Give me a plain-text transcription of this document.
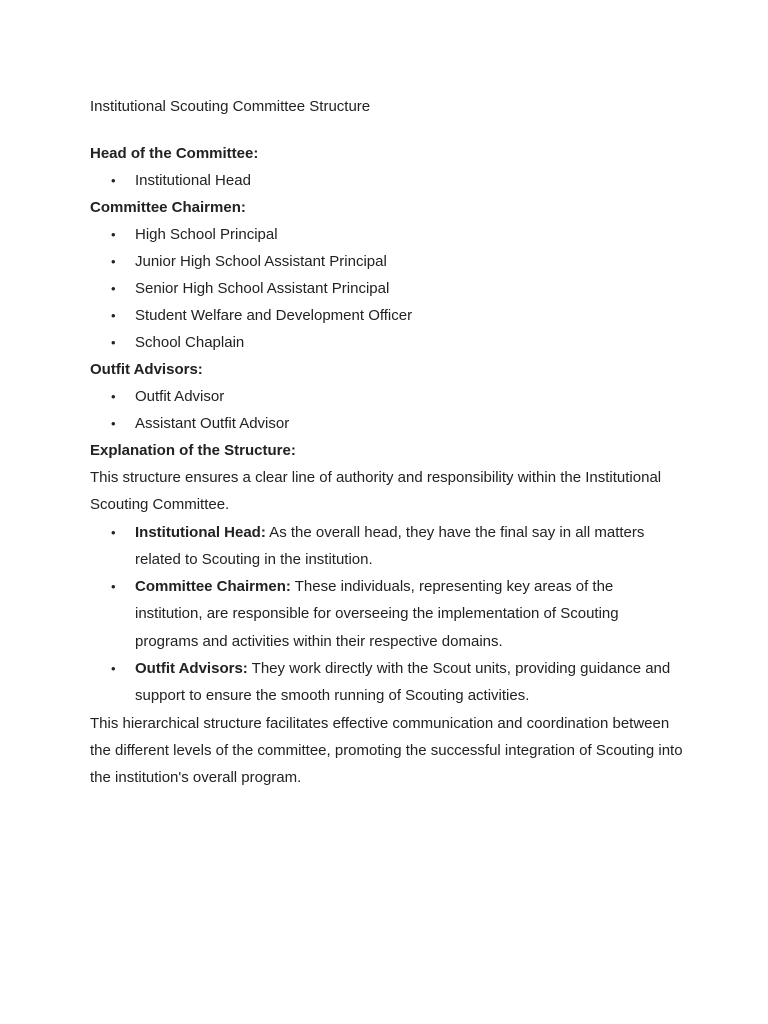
Institutional Scouting Committee Structure

Head of the Committee:

• Institutional Head

Committee Chairmen:

• High School Principal
• Junior High School Assistant Principal
• Senior High School Assistant Principal
• Student Welfare and Development Officer
• School Chaplain

Outfit Advisors:

• Outfit Advisor
• Assistant Outfit Advisor

Explanation of the Structure:

This structure ensures a clear line of authority and responsibility within the Institutional Scouting Committee.

• Institutional Head: As the overall head, they have the final say in all matters related to Scouting in the institution.
• Committee Chairmen: These individuals, representing key areas of the institution, are responsible for overseeing the implementation of Scouting programs and activities within their respective domains.
• Outfit Advisors: They work directly with the Scout units, providing guidance and support to ensure the smooth running of Scouting activities.

This hierarchical structure facilitates effective communication and coordination between the different levels of the committee, promoting the successful integration of Scouting into the institution's overall program.
